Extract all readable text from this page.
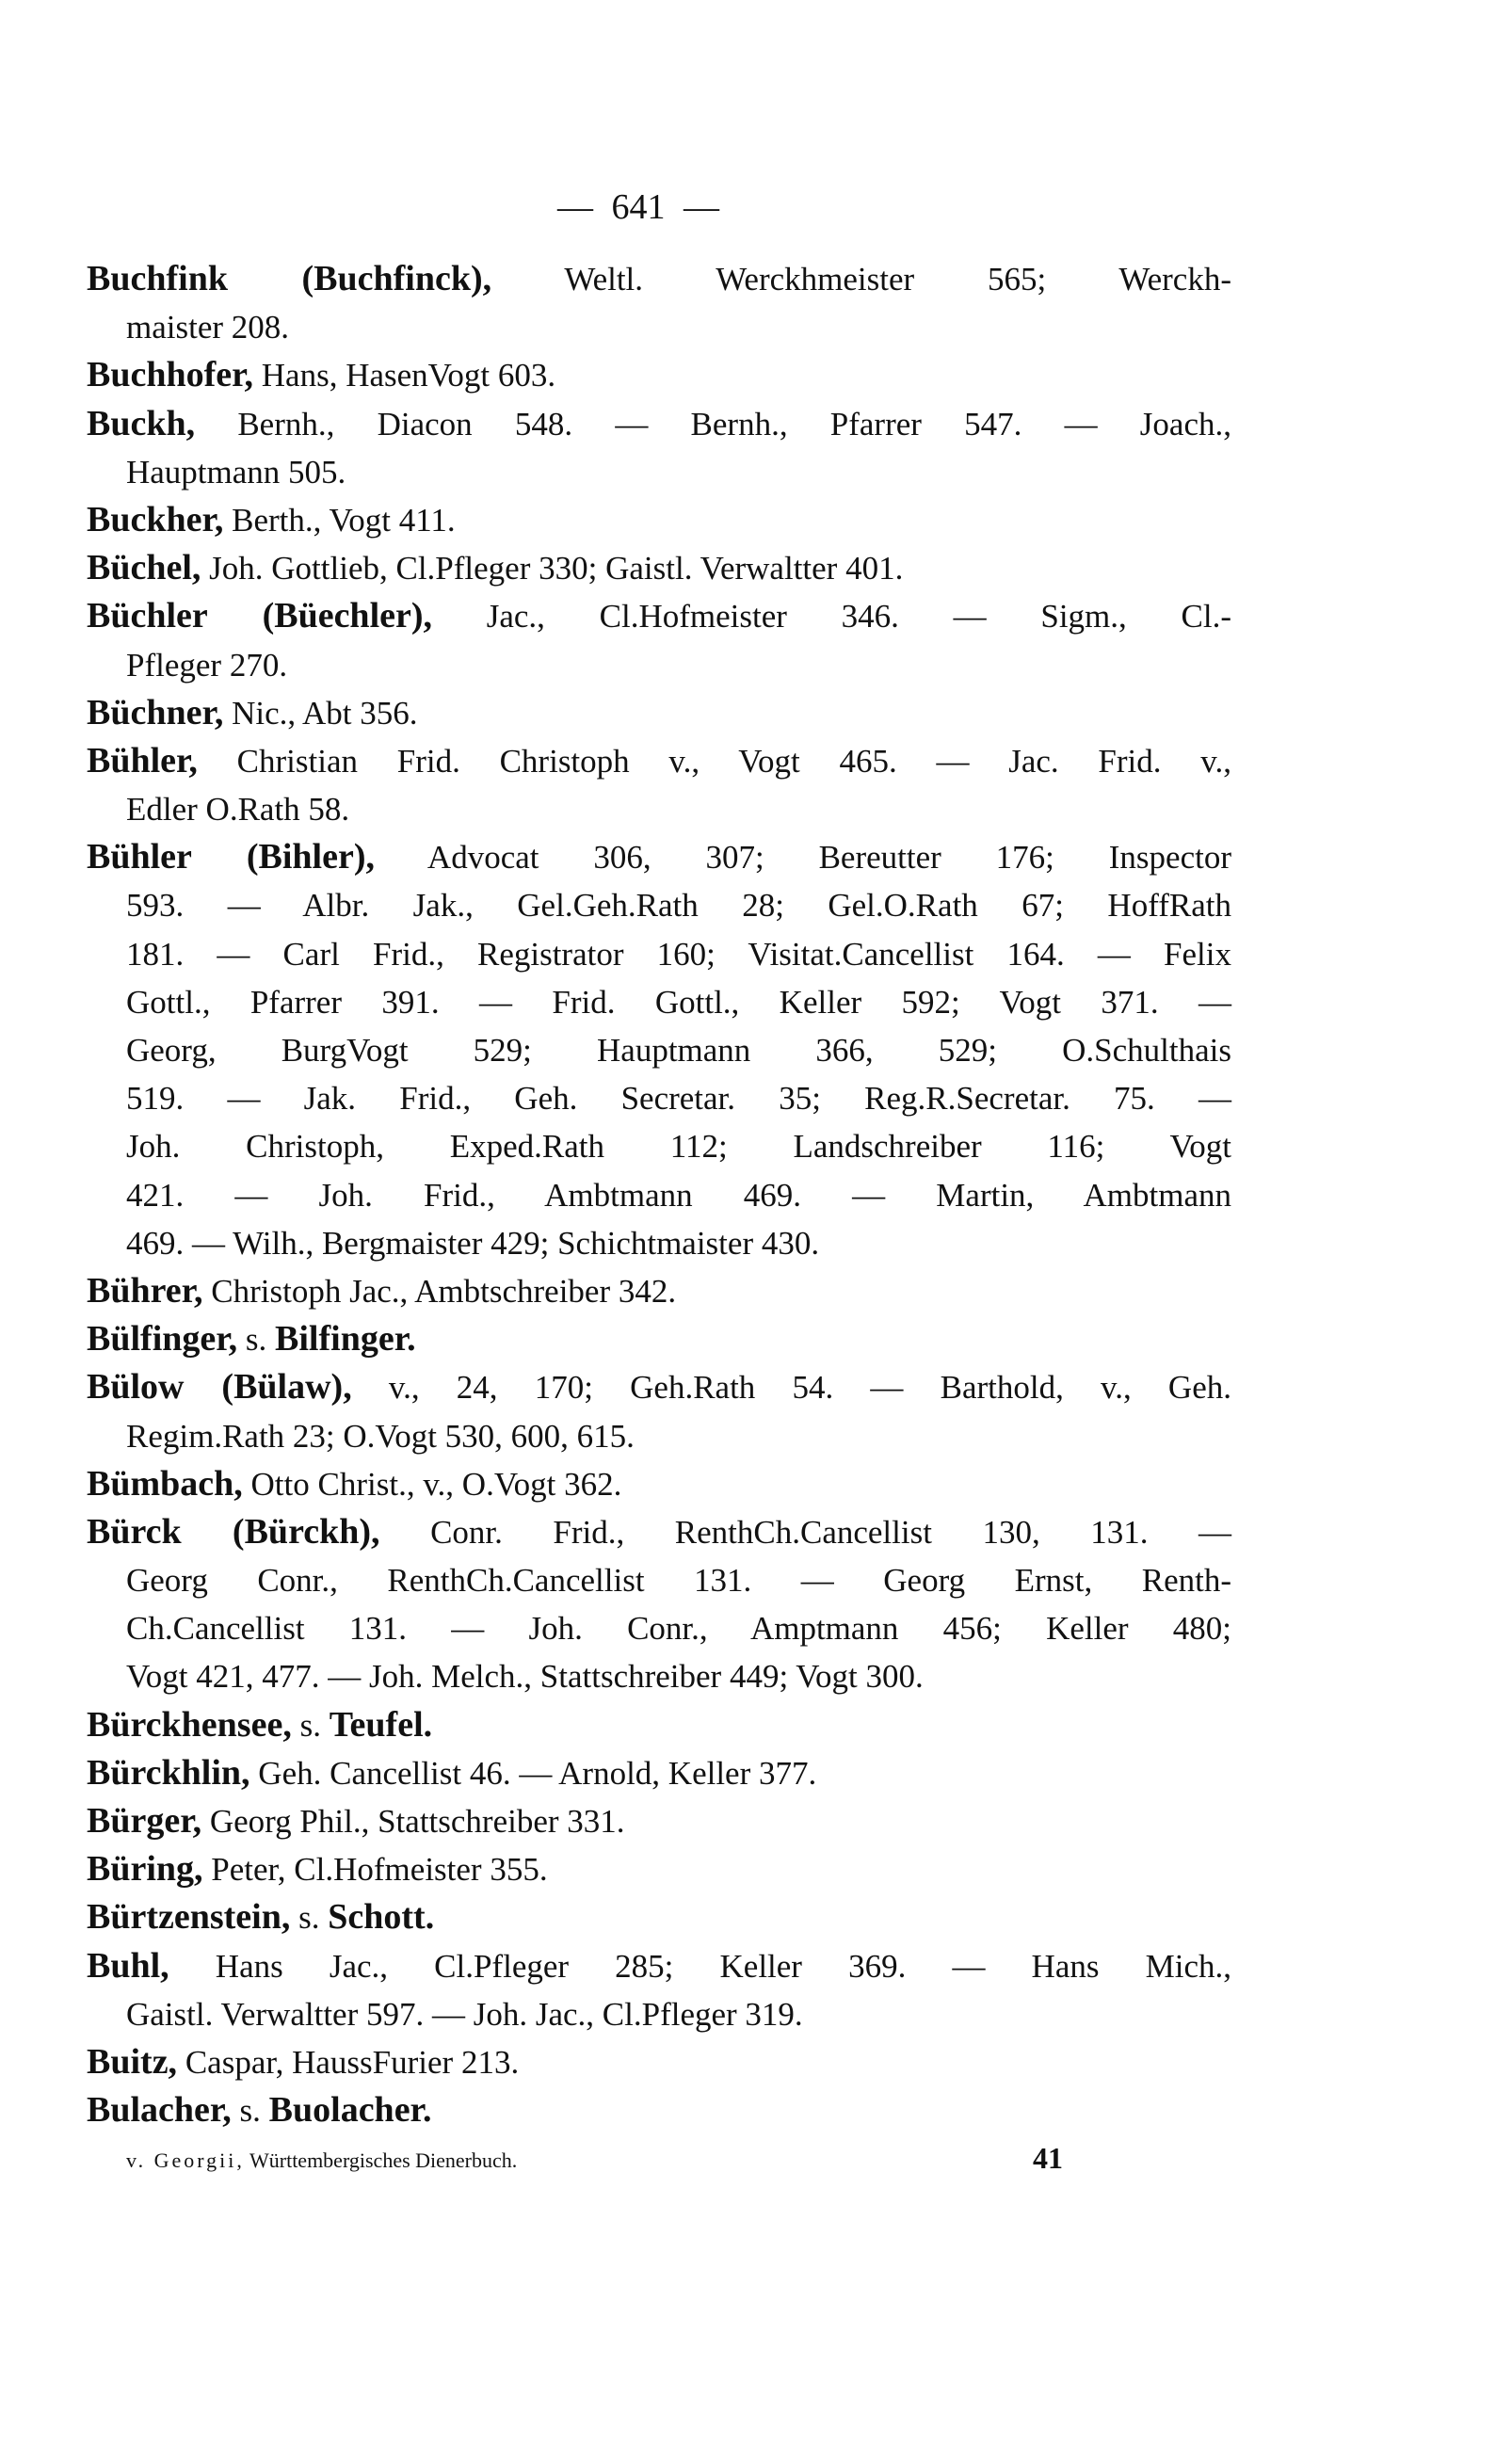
— 641 —
Buchfink (Buchfinck), Weltl. Werckhmeister 565; Werckh-
maister 208.
Buchhofer, Hans, HasenVogt 603.
Buckh, Bernh., Diacon 548. — Bernh., Pfarrer 547. — Joach.,
Hauptmann 505.
Buckher, Berth., Vogt 411.
Büchel, Joh. Gottlieb, Cl.Pfleger 330; Gaistl. Verwaltter 401.
Büchler (Büechler), Jac., Cl.Hofmeister 346. — Sigm., Cl.-
Pfleger 270.
Büchner, Nic., Abt 356.
Bühler, Christian Frid. Christoph v., Vogt 465. — Jac. Frid. v.,
Edler O.Rath 58.
Bühler (Bihler), Advocat 306, 307; Bereutter 176; Inspector
593. — Albr. Jak., Gel.Geh.Rath 28; Gel.O.Rath 67; HoffRath
181. — Carl Frid., Registrator 160; Visitat.Cancellist 164. — Felix
Gottl., Pfarrer 391. — Frid. Gottl., Keller 592; Vogt 371. —
Georg, BurgVogt 529; Hauptmann 366, 529; O.Schulthais
519. — Jak. Frid., Geh. Secretar. 35; Reg.R.Secretar. 75. —
Joh. Christoph, Exped.Rath 112; Landschreiber 116; Vogt
421. — Joh. Frid., Ambtmann 469. — Martin, Ambtmann
469. — Wilh., Bergmaister 429; Schichtmaister 430.
Bührer, Christoph Jac., Ambtschreiber 342.
Bülfinger, s. Bilfinger.
Bülow (Bülaw), v., 24, 170; Geh.Rath 54. — Barthold, v., Geh.
Regim.Rath 23; O.Vogt 530, 600, 615.
Bümbach, Otto Christ., v., O.Vogt 362.
Bürck (Bürckh), Conr. Frid., RenthCh.Cancellist 130, 131. —
Georg Conr., RenthCh.Cancellist 131. — Georg Ernst, Renth-
Ch.Cancellist 131. — Joh. Conr., Amptmann 456; Keller 480;
Vogt 421, 477. — Joh. Melch., Stattschreiber 449; Vogt 300.
Bürckhensee, s. Teufel.
Bürckhlin, Geh. Cancellist 46. — Arnold, Keller 377.
Bürger, Georg Phil., Stattschreiber 331.
Büring, Peter, Cl.Hofmeister 355.
Bürtzenstein, s. Schott.
Buhl, Hans Jac., Cl.Pfleger 285; Keller 369. — Hans Mich.,
Gaistl. Verwaltter 597. — Joh. Jac., Cl.Pfleger 319.
Buitz, Caspar, HaussFurier 213.
Bulacher, s. Buolacher.
v. Georgii, Württembergisches Dienerbuch.	41
